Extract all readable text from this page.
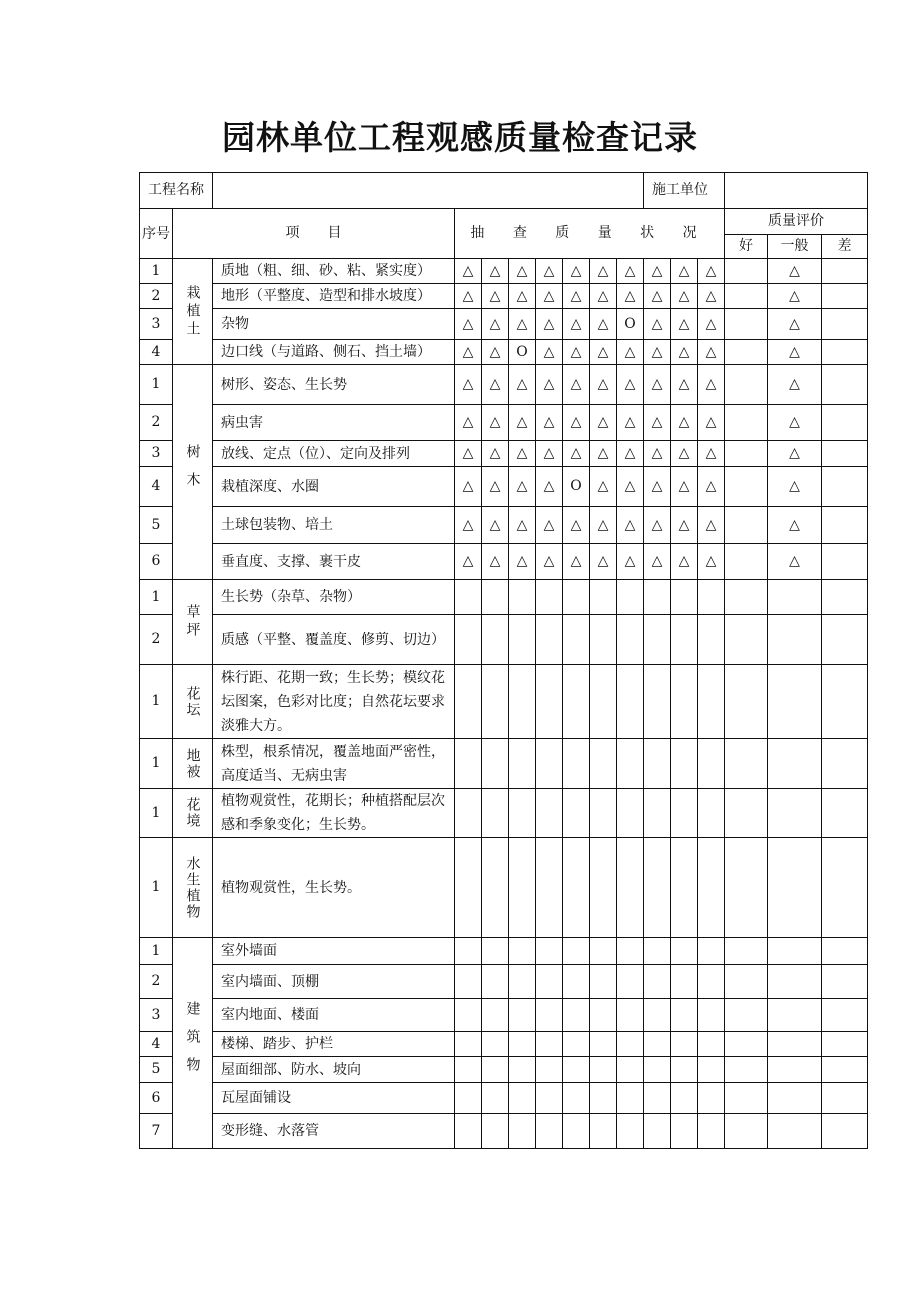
园林单位工程观感质量检查记录
工程名称										施工单位					
序号	项　　目		抽 查 质 量 状 况										质量评价		
													好	一般	差
1	栽植土	质地（粗、细、砂、粘、紧实度）	△	△	△	△	△	△	△	△	△	△		△	
2		地形（平整度、造型和排水坡度）	△	△	△	△	△	△	△	△	△	△		△	
3		杂物	△	△	△	△	△	△	O	△	△	△		△	
4		边口线（与道路、侧石、挡土墙）	△	△	O	△	△	△	△	△	△	△		△	
1	树木	树形、姿态、生长势	△	△	△	△	△	△	△	△	△	△		△	
2		病虫害	△	△	△	△	△	△	△	△	△	△		△	
3		放线、定点（位）、定向及排列	△	△	△	△	△	△	△	△	△	△		△	
4		栽植深度、水圈	△	△	△	△	O	△	△	△	△	△		△	
5		土球包装物、培土	△	△	△	△	△	△	△	△	△	△		△	
6		垂直度、支撑、裹干皮	△	△	△	△	△	△	△	△	△	△		△	
1	草坪	生长势（杂草、杂物）													
2		质感（平整、覆盖度、修剪、切边）													
1	花坛	株行距、花期一致；生长势；模纹花坛图案，色彩对比度；自然花坛要求淡雅大方。													
1	地被	株型，根系情况，覆盖地面严密性，高度适当、无病虫害													
1	花境	植物观赏性，花期长；种植搭配层次感和季象变化；生长势。													
1	水生植物	植物观赏性，生长势。													
1	建筑物	室外墙面													
2		室内墙面、顶棚													
3		室内地面、楼面													
4		楼梯、踏步、护栏													
5		屋面细部、防水、坡向													
6		瓦屋面铺设													
7		变形缝、水落管													
